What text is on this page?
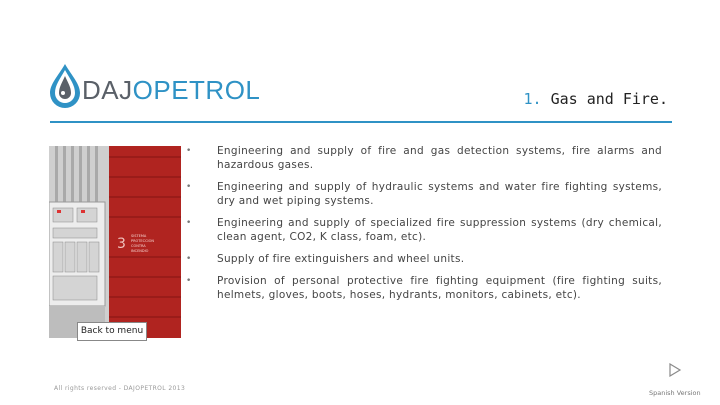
DAJOPETROL	1. Gas and Fire.
3 SISTEMA
PROTECCION
CONTRA
INCENDIO
• Engineering and supply of fire and gas detection systems, fire alarms and hazardous gases.
• Engineering and supply of hydraulic systems and water fire fighting systems, dry and wet piping systems.
• Engineering and supply of specialized fire suppression systems (dry chemical, clean agent, CO2, K class, foam, etc).
• Supply of fire extinguishers and wheel units.
• Provision of personal protective fire fighting equipment (fire fighting suits, helmets, gloves, boots, hoses, hydrants, monitors, cabinets, etc).
Back to menu
All rights reserved - DAJOPETROL 2013
Spanish Version
